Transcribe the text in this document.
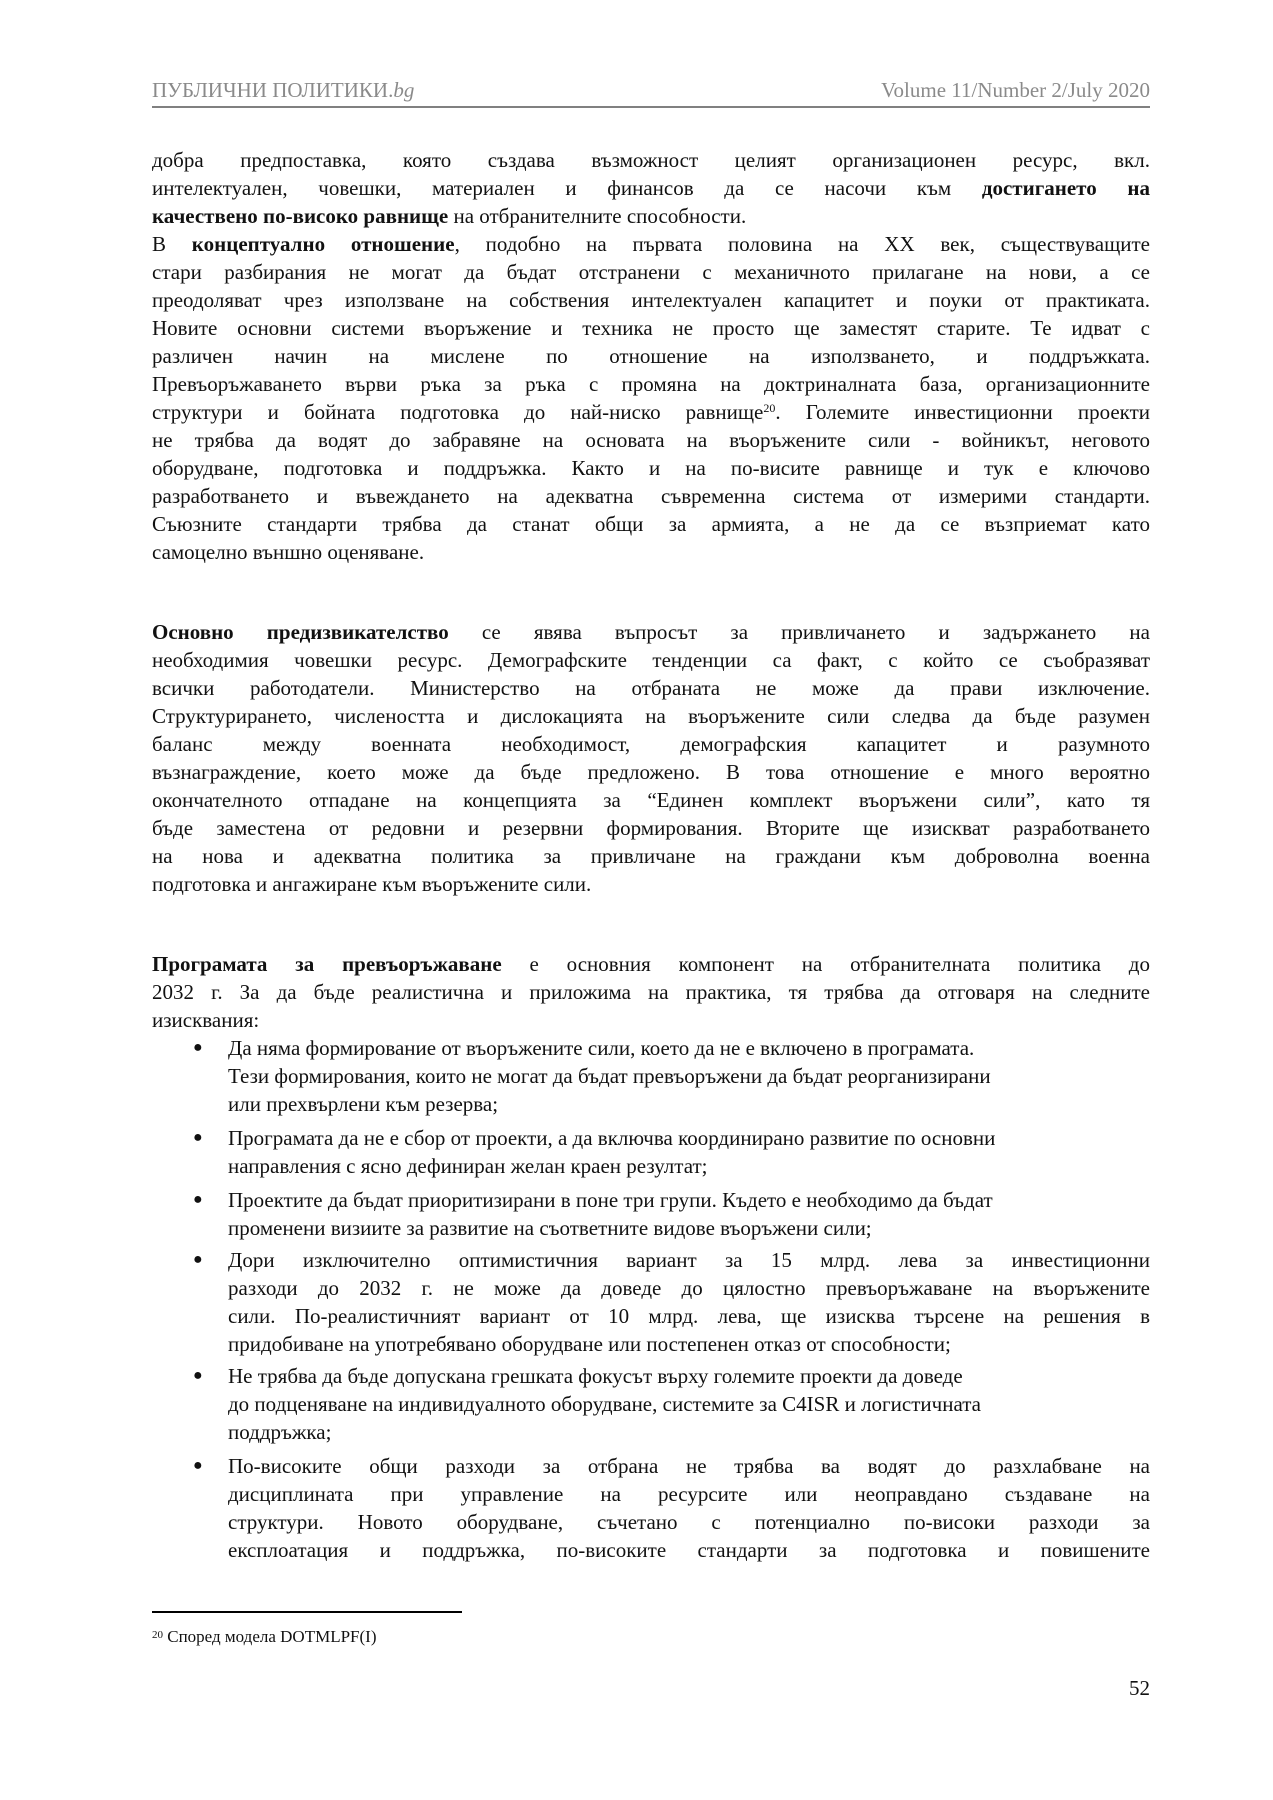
ПУБЛИЧНИ ПОЛИТИКИ.bg	Volume 11/Number 2/July 2020
добра предпоставка, която създава възможност целият организационен ресурс, вкл.
интелектуален, човешки, материален и финансов да се насочи към достигането на
качествено по-високо равнище на отбранителните способности.
В концептуално отношение, подобно на първата половина на XX век, съществуващите
стари разбирания не могат да бъдат отстранени с механичното прилагане на нови, а се
преодоляват чрез използване на собствения интелектуален капацитет и поуки от практиката.
Новите основни системи въоръжение и техника не просто ще заместят старите. Те идват с
различен начин на мислене по отношение на използването, и поддръжката.
Превъоръжаването върви ръка за ръка с промяна на доктриналната база, организационните
структури и бойната подготовка до най-ниско равнище$^{20}$. Големите инвестиционни проекти
не трябва да водят до забравяне на основата на въоръжените сили - войникът, неговото
оборудване, подготовка и поддръжка. Както и на по-висите равнище и тук е ключово
разработването и въвеждането на адекватна съвременна система от измерими стандарти.
Съюзните стандарти трябва да станат общи за армията, а не да се възприемат като
самоцелно външно оценяване.
Основно предизвикателство се явява въпросът за привличането и задържането на
необходимия човешки ресурс. Демографските тенденции са факт, с който се съобразяват
всички работодатели. Министерство на отбраната не може да прави изключение.
Структурирането, числеността и дислокацията на въоръжените сили следва да бъде разумен
баланс между военната необходимост, демографския капацитет и разумното
възнаграждение, което може да бъде предложено. В това отношение е много вероятно
окончателното отпадане на концепцията за “Единен комплект въоръжени сили”, като тя
бъде заместена от редовни и резервни формирования. Вторите ще изискват разработването
на нова и адекватна политика за привличане на граждани към доброволна военна
подготовка и ангажиране към въоръжените сили.
Програмата за превъоръжаване е основния компонент на отбранителната политика до
2032 г. За да бъде реалистична и приложима на практика, тя трябва да отговаря на следните
изисквания:
● Да няма формирование от въоръжените сили, което да не е включено в програмата.
Тези формирования, които не могат да бъдат превъоръжени да бъдат реорганизирани
или прехвърлени към резерва;
● Програмата да не е сбор от проекти, а да включва координирано развитие по основни
направления с ясно дефиниран желан краен резултат;
● Проектите да бъдат приоритизирани в поне три групи. Където е необходимо да бъдат
променени визиите за развитие на съответните видове въоръжени сили;
● Дори изключително оптимистичния вариант за 15 млрд. лева за инвестиционни
разходи до 2032 г. не може да доведе до цялостно превъоръжаване на въоръжените
сили. По-реалистичният вариант от 10 млрд. лева, ще изисква търсене на решения в
придобиване на употребявано оборудване или постепенен отказ от способности;
● Не трябва да бъде допускана грешката фокусът върху големите проекти да доведе
до подценяване на индивидуалното оборудване, системите за C4ISR и логистичната
поддръжка;
● По-високите общи разходи за отбрана не трябва ва водят до разхлабване на
дисциплината при управление на ресурсите или неоправдано създаване на
структури. Новото оборудване, съчетано с потенциално по-високи разходи за
експлоатация и поддръжка, по-високите стандарти за подготовка и повишените
$^{20}$ Според модела DOTMLPF(I)
52
